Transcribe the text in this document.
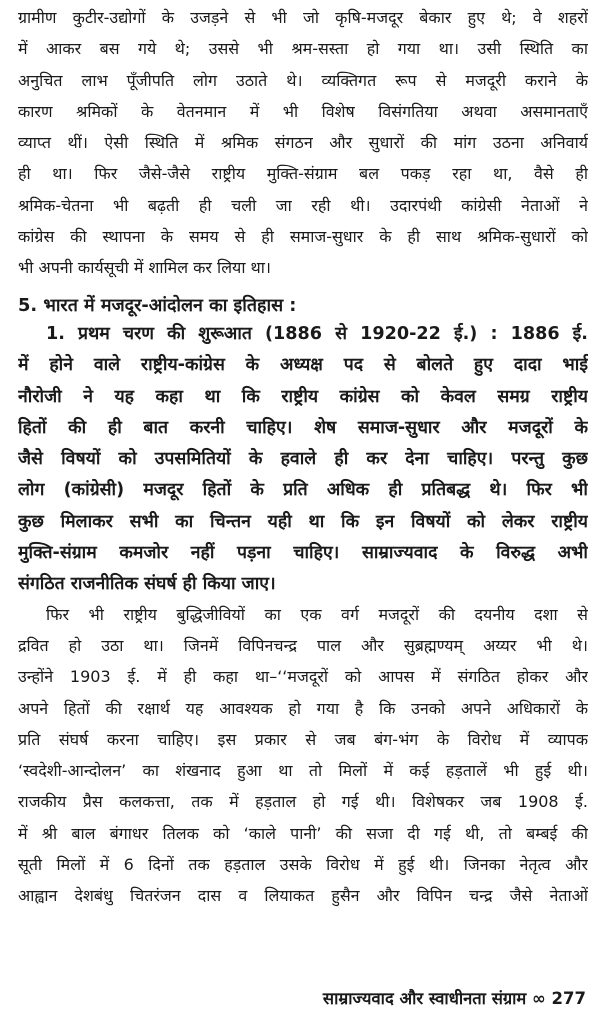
ग्रामीण कुटीर-उद्योगों के उजड़ने से भी जो कृषि-मजदूर बेकार हुए थे; वे शहरों
में आकर बस गये थे; उससे भी श्रम-सस्ता हो गया था। उसी स्थिति का
अनुचित लाभ पूँजीपति लोग उठाते थे। व्यक्तिगत रूप से मजदूरी कराने के
कारण श्रमिकों के वेतनमान में भी विशेष विसंगतिया अथवा असमानताएँ
व्याप्त थीं। ऐसी स्थिति में श्रमिक संगठन और सुधारों की मांग उठना अनिवार्य
ही था। फिर जैसे-जैसे राष्ट्रीय मुक्ति-संग्राम बल पकड़ रहा था, वैसे ही
श्रमिक-चेतना भी बढ़ती ही चली जा रही थी। उदारपंथी कांग्रेसी नेताओं ने
कांग्रेस की स्थापना के समय से ही समाज-सुधार के ही साथ श्रमिक-सुधारों को
भी अपनी कार्यसूची में शामिल कर लिया था।
5. भारत में मजदूर-आंदोलन का इतिहास :
1. प्रथम चरण की शुरूआत (1886 से 1920-22 ई.) : 1886 ई.
में होने वाले राष्ट्रीय-कांग्रेस के अध्यक्ष पद से बोलते हुए दादा भाई
नौरोजी ने यह कहा था कि राष्ट्रीय कांग्रेस को केवल समग्र राष्ट्रीय
हितों की ही बात करनी चाहिए। शेष समाज-सुधार और मजदूरों के
जैसे विषयों को उपसमितियों के हवाले ही कर देना चाहिए। परन्तु कुछ
लोग (कांग्रेसी) मजदूर हितों के प्रति अधिक ही प्रतिबद्ध थे। फिर भी
कुछ मिलाकर सभी का चिन्तन यही था कि इन विषयों को लेकर राष्ट्रीय
मुक्ति-संग्राम कमजोर नहीं पड़ना चाहिए। साम्राज्यवाद के विरुद्ध अभी
संगठित राजनीतिक संघर्ष ही किया जाए।
फिर भी राष्ट्रीय बुद्धिजीवियों का एक वर्ग मजदूरों की दयनीय दशा से
द्रवित हो उठा था। जिनमें विपिनचन्द्र पाल और सुब्रह्मण्यम् अय्यर भी थे।
उन्होंने 1903 ई. में ही कहा था–‘‘मजदूरों को आपस में संगठित होकर और
अपने हितों की रक्षार्थ यह आवश्यक हो गया है कि उनको अपने अधिकारों के
प्रति संघर्ष करना चाहिए। इस प्रकार से जब बंग-भंग के विरोध में व्यापक
‘स्वदेशी-आन्दोलन’ का शंखनाद हुआ था तो मिलों में कई हड़तालें भी हुई थी।
राजकीय प्रैस कलकत्ता, तक में हड़ताल हो गई थी। विशेषकर जब 1908 ई.
में श्री बाल बंगाधर तिलक को ‘काले पानी’ की सजा दी गई थी, तो बम्बई की
सूती मिलों में 6 दिनों तक हड़ताल उसके विरोध में हुई थी। जिनका नेतृत्व और
आह्वान देशबंधु चितरंजन दास व लियाकत हुसैन और विपिन चन्द्र जैसे नेताओं
साम्राज्यवाद और स्वाधीनता संग्राम ∞ 277
